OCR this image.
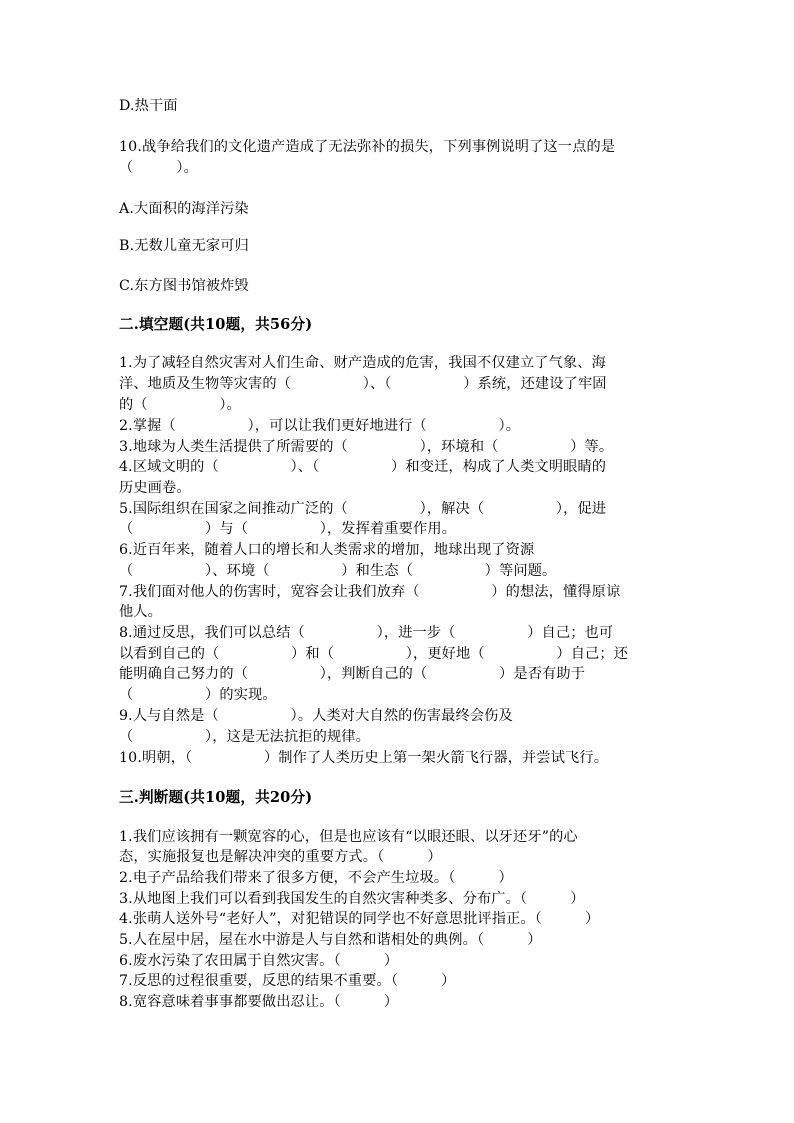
D.热干面
10.战争给我们的文化遗产造成了无法弥补的损失，下列事例说明了这一点的是
（　　　）。
A.大面积的海洋污染
B.无数儿童无家可归
C.东方图书馆被炸毁
二.填空题(共10题，共56分)
1.为了减轻自然灾害对人们生命、财产造成的危害，我国不仅建立了气象、海
洋、地质及生物等灾害的（　　　　　）、（　　　　　）系统，还建设了牢固
的（　　　　　）。
2.掌握（　　　　　），可以让我们更好地进行（　　　　　）。
3.地球为人类生活提供了所需要的（　　　　　），环境和（　　　　　）等。
4.区域文明的（　　　　　）、（　　　　　）和变迁，构成了人类文明眼睛的
历史画卷。
5.国际组织在国家之间推动广泛的（　　　　　），解决（　　　　　），促进
（　　　　　）与（　　　　　），发挥着重要作用。
6.近百年来，随着人口的增长和人类需求的增加，地球出现了资源
（　　　　　）、环境（　　　　　）和生态（　　　　　）等问题。
7.我们面对他人的伤害时，宽容会让我们放弃（　　　　　）的想法，懂得原谅
他人。
8.通过反思，我们可以总结（　　　　　），进一步（　　　　　）自己；也可
以看到自己的（　　　　　）和（　　　　　），更好地（　　　　　）自己；还
能明确自己努力的（　　　　　），判断自己的（　　　　　）是否有助于
（　　　　　）的实现。
9.人与自然是（　　　　　）。人类对大自然的伤害最终会伤及
（　　　　　），这是无法抗拒的规律。
10.明朝，（　　　　　）制作了人类历史上第一架火箭飞行器，并尝试飞行。
三.判断题(共10题，共20分)
1.我们应该拥有一颗宽容的心，但是也应该有“以眼还眼、以牙还牙”的心
态，实施报复也是解决冲突的重要方式。（　　　）
2.电子产品给我们带来了很多方便，不会产生垃圾。（　　　）
3.从地图上我们可以看到我国发生的自然灾害种类多、分布广。（　　　）
4.张萌人送外号“老好人”，对犯错误的同学也不好意思批评指正。（　　　）
5.人在屋中居，屋在水中游是人与自然和谐相处的典例。（　　　）
6.废水污染了农田属于自然灾害。（　　　）
7.反思的过程很重要，反思的结果不重要。（　　　）
8.宽容意味着事事都要做出忍让。（　　　）
